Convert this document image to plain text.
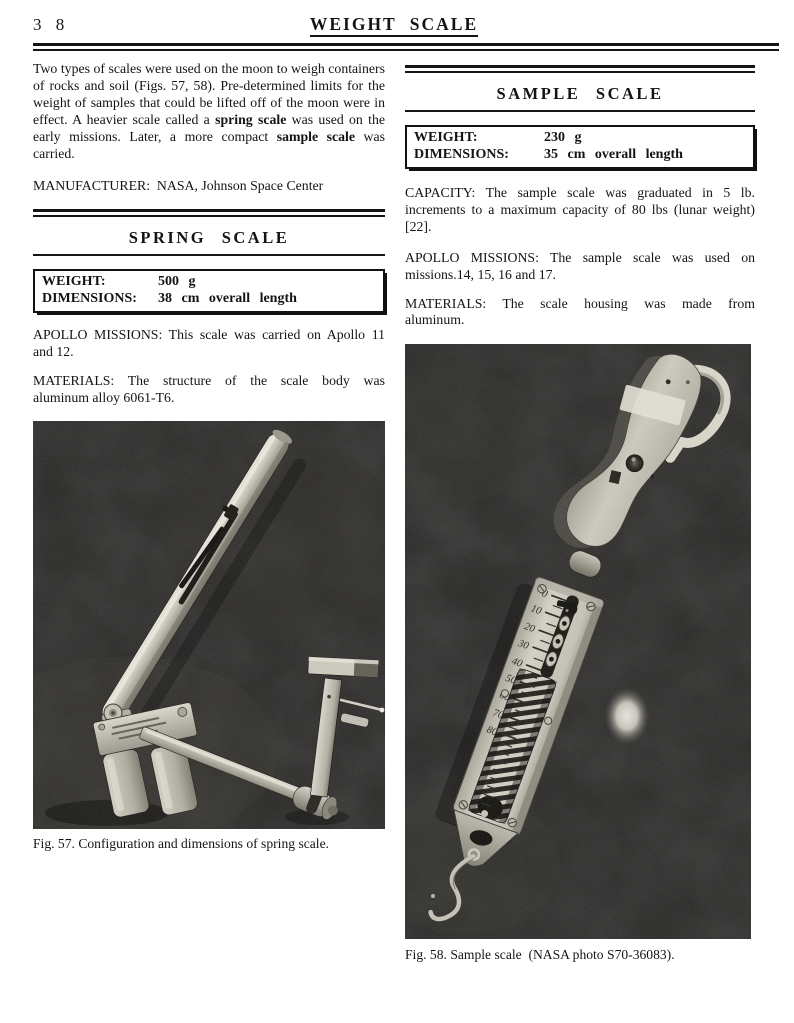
3 8	WEIGHT SCALE

Two types of scales were used on the moon to weigh containers of rocks and soil (Figs. 57, 58). Pre-determined limits for the weight of samples that could be lifted off of the moon were in effect. A heavier scale called a spring scale was used on the early missions. Later, a more compact sample scale was carried.

MANUFACTURER:  NASA, Johnson Space Center

SPRING SCALE
WEIGHT:	500 g
DIMENSIONS:	38 cm overall length

APOLLO MISSIONS: This scale was carried on Apollo 11
and 12.

MATERIALS: The structure of the scale body was
aluminum alloy 6061-T6.

Fig. 57. Configuration and dimensions of spring scale.
SAMPLE SCALE
WEIGHT:	230 g
DIMENSIONS:	35 cm overall length

CAPACITY: The sample scale was graduated in 5 lb.
increments to a maximum capacity of 80 lbs (lunar weight)
[22].

APOLLO MISSIONS: The sample scale was used on
missions.14, 15, 16 and 17.

MATERIALS: The scale housing was made from
aluminum.

Fig. 58. Sample scale  (NASA photo S70-36083).
